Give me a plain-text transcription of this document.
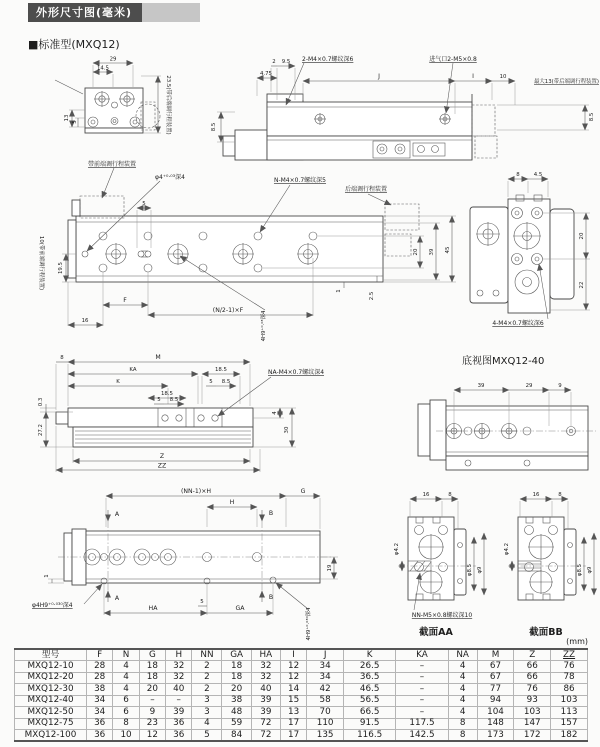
外形尺寸图(毫米)
■标准型(MXQ12)
29
14.5
13
5	23.5(带后端调行程装置)	8.5
2 9.5
4.75
2-M4×0.7螺纹深6
J
进气口2-M5×0.8
I	10
最大13(带后端调行程装置)
8.5
带前端调行程装置
φ4⁺⁰·⁰³深4
5
N-M4×0.7螺纹深5
后端调行程装置
10(带前端调行程装置)	19.5
20 39 45
1
2.5
F
(N/2-1)×F
16	4H9⁺⁰·⁰³深4
8	4.5
20
22
4-M4×0.7螺纹深6
8	M
KA	18.5
K	5 8.5
18.5
5 8.5
NA-M4×0.7螺纹深4
0.3
27.2
4
30
Z
ZZ
底视图MXQ12-40
39	29	9
(NN-1)×H	G
H
A	B
19
1
A	B
HA
5
GA
φ4H9⁺⁰·⁰³⁰深4
4H9⁺⁰·⁰³⁰深4
16	8
φ4.2
φ8.5 φ9
NN-M5×0.8螺纹深10
截面AA
16	8
φ4.2
φ8.5 φ9
截面BB
(mm)
型号	F	N	G	H	NN	GA	HA	I	J	K	KA	NA	M	Z	ZZ
MXQ12-10	28	4	18	32	2	18	32	12	34	26.5	–	4	67	66	76
MXQ12-20	28	4	18	32	2	18	32	12	34	36.5	–	4	67	66	78
MXQ12-30	38	4	20	40	2	20	40	14	42	46.5	–	4	77	76	86
MXQ12-40	34	6	–	–	3	38	39	15	58	56.5	–	4	94	93	103
MXQ12-50	34	6	9	39	3	48	39	13	70	66.5	–	4	104	103	113
MXQ12-75	36	8	23	36	4	59	72	17	110	91.5	117.5	8	148	147	157
MXQ12-100	36	10	12	36	5	84	72	17	135	116.5	142.5	8	173	172	182
